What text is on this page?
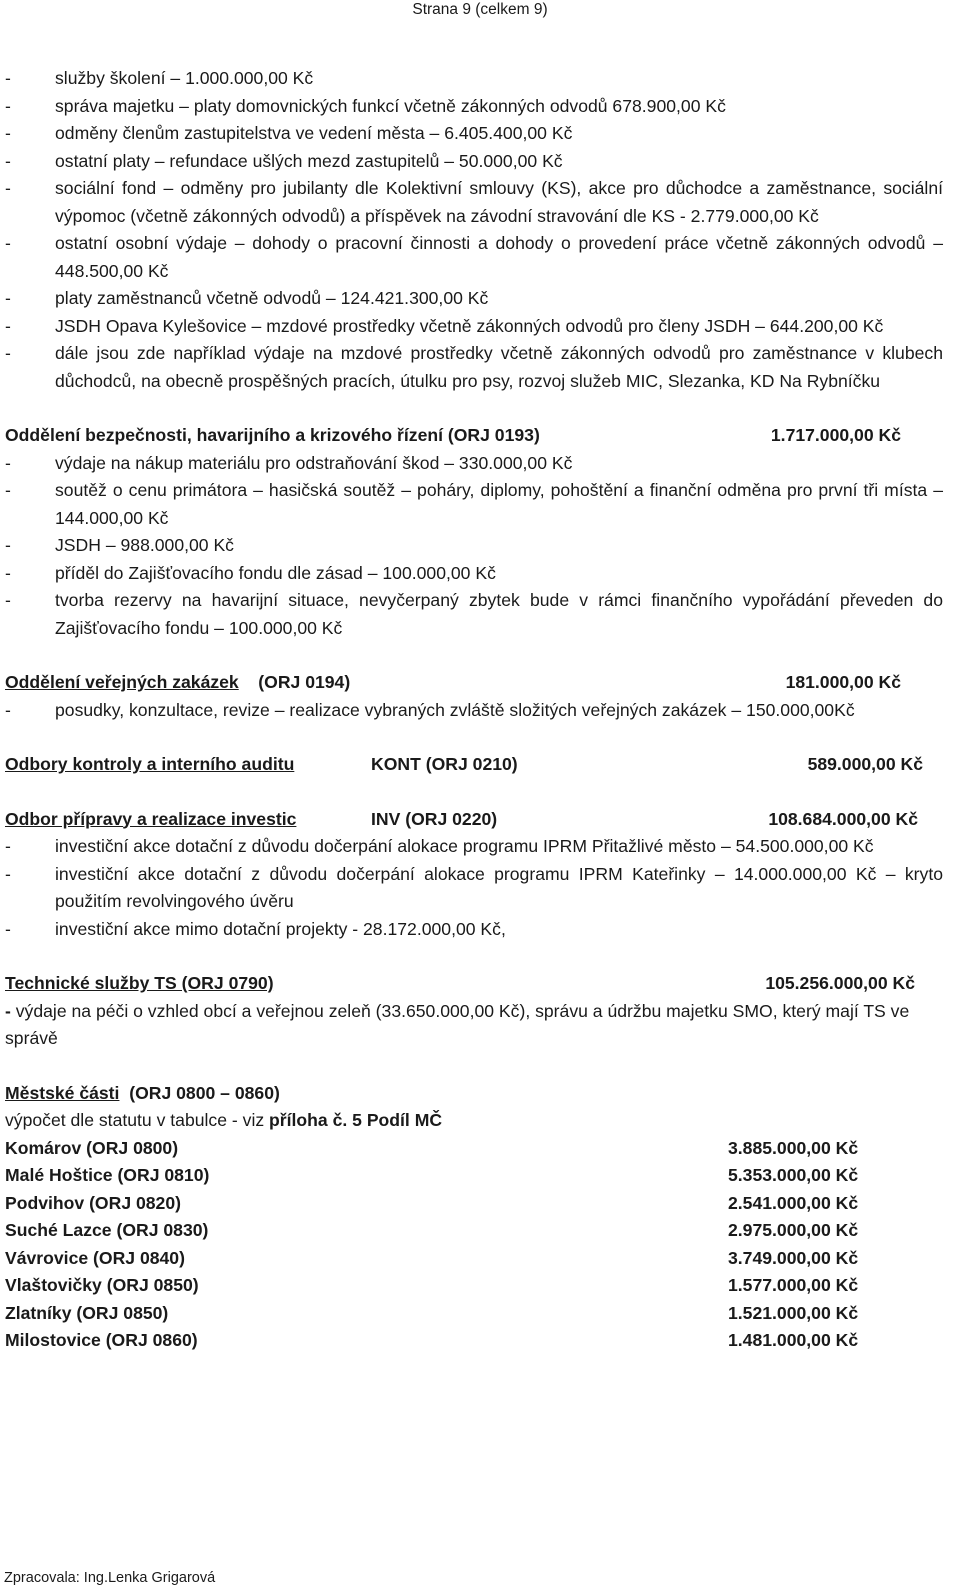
Strana 9 (celkem 9)
-	služby školení – 1.000.000,00 Kč
-	správa majetku – platy domovnických funkcí včetně zákonných odvodů 678.900,00 Kč
-	odměny členům zastupitelstva ve vedení města – 6.405.400,00 Kč
-	ostatní platy – refundace ušlých mezd zastupitelů – 50.000,00 Kč
-	sociální fond – odměny pro jubilanty dle Kolektivní smlouvy (KS), akce pro důchodce a zaměstnance, sociální výpomoc (včetně zákonných odvodů) a příspěvek na závodní stravování dle KS - 2.779.000,00 Kč
-	ostatní osobní výdaje – dohody o pracovní činnosti a dohody o provedení práce včetně zákonných odvodů – 448.500,00 Kč
-	platy zaměstnanců včetně odvodů – 124.421.300,00 Kč
-	JSDH Opava Kylešovice – mzdové prostředky včetně zákonných odvodů pro členy JSDH – 644.200,00 Kč
-	dále jsou zde například výdaje na mzdové prostředky včetně zákonných odvodů pro zaměstnance v klubech důchodců, na obecně prospěšných pracích, útulku pro psy, rozvoj služeb MIC, Slezanka, KD Na Rybníčku
Oddělení bezpečnosti, havarijního a krizového řízení (ORJ 0193)	1.717.000,00 Kč
-	výdaje na nákup materiálu pro odstraňování škod – 330.000,00 Kč
-	soutěž o cenu primátora – hasičská soutěž – poháry, diplomy, pohoštění a finanční odměna pro první tři místa – 144.000,00 Kč
-	JSDH – 988.000,00 Kč
-	příděl do Zajišťovacího fondu dle zásad – 100.000,00 Kč
-	tvorba rezervy na havarijní situace, nevyčerpaný zbytek bude v rámci finančního vypořádání převeden do Zajišťovacího fondu – 100.000,00 Kč
Oddělení veřejných zakázek (ORJ 0194)	181.000,00 Kč
-	posudky, konzultace, revize – realizace vybraných zvláště složitých veřejných zakázek – 150.000,00Kč
Odbory kontroly a interního auditu	KONT (ORJ 0210)	589.000,00 Kč
Odbor přípravy a realizace investic	INV (ORJ 0220)	108.684.000,00 Kč
-	investiční akce dotační z důvodu dočerpání alokace programu IPRM Přitažlivé město – 54.500.000,00 Kč
-	investiční akce dotační z důvodu dočerpání alokace programu IPRM Kateřinky – 14.000.000,00 Kč – kryto použitím revolvingového úvěru
-	investiční akce mimo dotační projekty - 28.172.000,00 Kč,
Technické služby TS (ORJ 0790)	105.256.000,00 Kč

- výdaje na péči o vzhled obcí a veřejnou zeleň (33.650.000,00 Kč), správu a údržbu majetku SMO, který mají TS ve správě

Městské části (ORJ 0800 – 0860)

výpočet dle statutu v tabulce - viz příloha č. 5 Podíl MČ

Komárov (ORJ 0800)	3.885.000,00 Kč
Malé Hoštice (ORJ 0810)	5.353.000,00 Kč
Podvihov (ORJ 0820)	2.541.000,00 Kč
Suché Lazce (ORJ 0830)	2.975.000,00 Kč
Vávrovice (ORJ 0840)	3.749.000,00 Kč
Vlaštovičky (ORJ 0850)	1.577.000,00 Kč
Zlatníky (ORJ 0850)	1.521.000,00 Kč
Milostovice (ORJ 0860)	1.481.000,00 Kč
Zpracovala: Ing.Lenka Grigarová
